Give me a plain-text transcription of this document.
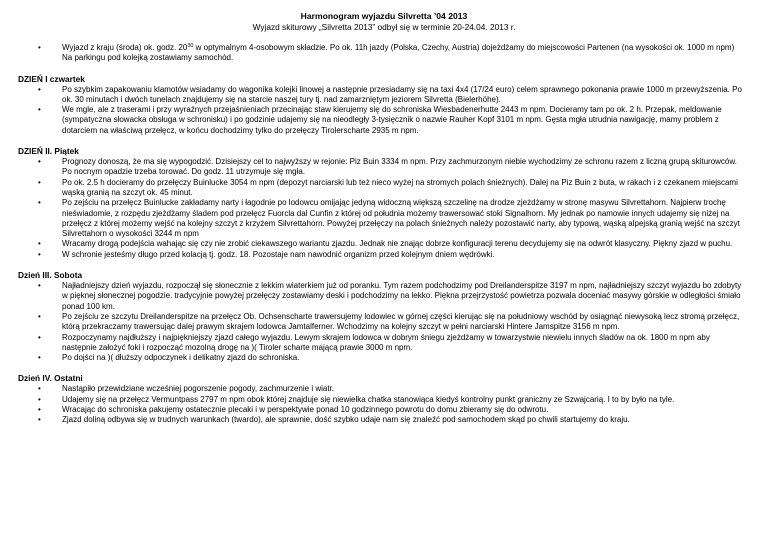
Harmonogram wyjazdu Silvretta ’04 2013
Wyjazd skiturowy „Silvretta 2013” odbył się w terminie 20-24.04. 2013 r.
•	Wyjazd z kraju (środa) ok. godz. $20^{30}$ w optymalnym 4-osobowym składzie. Po ok. 11h jazdy (Polska, Czechy, Austria) dojeżdżamy do miejscowości Partenen (na wysokości ok. 1000 m npm) Na parkingu pod kolejką zostawiamy samochód.
DZIEŃ I czwartek
•	Po szybkim zapakowaniu klamotów wsiadamy do wagonika kolejki linowej a następnie przesiadamy się na taxi 4x4 (17/24 euro) celem sprawnego pokonania prawie 1000 m przewyższenia. Po ok. 30 minutach i dwóch tunelach znajdujemy się na starcie naszej tury tj. nad zamarzniętym jeziorem Silvretta (Bielerhöhe).
•	We mgle, ale z traserami i przy wyraźnych przejaśnieniach przecinając staw kierujemy się do schroniska Wiesbadenerhutte 2443 m npm. Docieramy tam po ok. 2 h. Przepak, meldowanie (sympatyczna słowacka obsługa w schronisku) i po godzinie udajemy się na nieodległy 3-tysięcznik o nazwie Rauher Kopf 3101 m npm. Gęsta mgła utrudnia nawigację, mamy problem z dotarciem na właściwą przełęcz, w końcu dochodzimy tylko do przełęczy Tirolerscharte 2935 m npm.
DZIEŃ II. Piątek
•	Prognozy donoszą, że ma się wypogodzić. Dzisiejszy cel to najwyższy w rejonie: Piz Buin 3334 m npm. Przy zachmurzonym niebie wychodzimy ze schronu razem z liczną grupą skiturowców. Po nocnym opadzie trzeba torować. Do godz. 11 utrzymuje się mgła.
•	Po ok. 2.5 h docieramy do przełęczy Buinlucke 3054 m npm (depozyt narciarski lub też nieco wyżej na stromych polach śnieżnych). Dalej na Piz Buin z buta, w rakach i z czekanem miejscami wąską granią na szczyt ok. 45 minut.
•	Po zejściu na przełęcz Buinlucke zakładamy narty i łagodnie po lodowcu omijając jedyną widoczną większą szczelinę na drodze zjeżdżamy w stronę masywu Silvrettahorn. Najpierw trochę nieświadomie, z rozpędu zjeżdżamy śladem pod przełęcz Fuorcla dal Cunfin z której od południa możemy trawersować stoki Signalhorn. My jednak po namowie innych udajemy się niżej na przełęcz z której możemy wejść na kolejny szczyt z krzyżem Silvrettahorn. Powyżej przełęczy na polach śnieżnych należy pozostawić narty, aby typową, wąską alpejską granią wejść na szczyt Silvrettahorn o wysokości 3244 m npm
•	Wracamy drogą podejścia wahając się czy nie zrobić ciekawszego wariantu zjazdu. Jednak nie znając dobrze konfiguracji terenu decydujemy się na odwrót klasyczny. Piękny zjazd w puchu.
•	W schronie jesteśmy długo przed kolacją tj. godz. 18. Pozostaje nam nawodnić organizm przed kolejnym dniem wędrówki.
Dzień III. Sobota
•	Najładniejszy dzień wyjazdu, rozpoczął się słonecznie z lekkim wiaterkiem już od poranku. Tym razem podchodzimy pod Dreilanderspitze 3197 m npm, najładniejszy szczyt wyjazdu bo zdobyty w pięknej słonecznej pogodzie. tradycyjnie powyżej przełęczy zostawiamy deski i podchodzimy na lekko. Piękna przejrzystość powietrza pozwala doceniać masywy górskie w odległości śmiało ponad 100 km.
•	Po zejściu ze szczytu Dreilanderspitze na przełęcz Ob. Ochsenscharte trawersujemy lodowiec w górnej części kierując się na południowy wschód by osiągnąć niewysoką lecz stromą przełęcz, którą przekraczamy trawersując dalej prawym skrajem lodowca Jamtalferner. Wchodzimy na kolejny szczyt w pełni narciarski Hintere Jamspitze 3156 m npm.
•	Rozpoczynamy najdłuższy i najpiękniejszy zjazd całego wyjazdu. Lewym skrajem lodowca w dobrym śniegu zjeżdżamy w towarzystwie niewielu innych śladów na ok. 1800 m npm aby następnie założyć foki i rozpocząć mozolną drogę na )( Tiroler scharte mającą prawie 3000 m npm.
•	Po dojści na )( dłuższy odpoczynek i delikatny zjazd do schroniska.
Dzień IV. Ostatni
•	Nastąpiło przewidziane wcześniej pogorszenie pogody, zachmurzenie i wiatr.
•	Udajemy się na przełęcz Vermuntpass 2797 m npm obok której znajduje się niewielka chatka stanowiąca kiedyś kontrolny punkt graniczny ze Szwajcarią. I to by było na tyle.
•	Wracając do schroniska pakujemy ostatecznie plecaki i w perspektywie ponad 10 godzinnego powrotu do domu zbieramy się do odwrotu.
•	Zjazd doliną odbywa się w trudnych warunkach (twardo), ale sprawnie, dość szybko udaje nam się znaleźć pod samochodem skąd po chwili startujemy do kraju.
